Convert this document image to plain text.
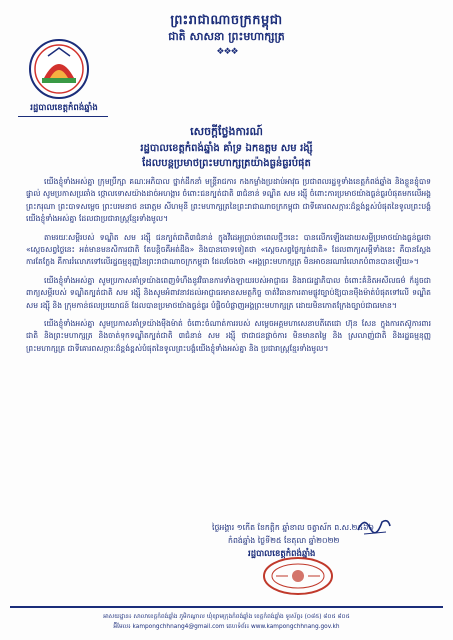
ព្រះរាជាណាចក្រកម្ពុជា
ជាតិ សាសនា ព្រះមហាក្សត្រ
❖❖❖
រដ្ឋបាលខេត្តកំពង់ឆ្នាំង
សេចក្តីថ្លែងការណ៍
រដ្ឋបាលខេត្តកំពង់ឆ្នាំង គាំទ្រ ឯកឧត្តម សម រង្ស៊ី
ដែលបន្តប្រមាថព្រះមហាក្សត្រយ៉ាងធ្ងន់ធ្ងរបំផុត

យើងខ្ញុំទាំងអស់គ្នា ក្រុមប្រឹក្សា គណៈអភិបាល ថ្នាក់ដឹកនាំ មន្ត្រីរាជការ កងកម្លាំងប្រដាប់អាវុធ ប្រជាពលរដ្ឋទូទាំងខេត្តកំពង់ឆ្នាំង និងខ្លួនខ្ញុំបាទផ្ទាល់ សូមប្រកាសប្រឆាំង ថ្កោលទោសយ៉ាងដាច់អហង្ការ ចំពោះជនក្បត់ជាតិ ៣ជំនាន់ ទណ្ឌិត សម រង្ស៊ី ចំពោះការប្រមាថយ៉ាងធ្ងន់ធ្ងរបំផុតមកលើអង្គ ព្រះករុណា ព្រះបាទសម្តេច ព្រះបរមនាថ នរោត្តម សីហមុនី ព្រះមហាក្សត្រនៃព្រះរាជាណាចក្រកម្ពុជា ជាទីគោរពសក្ការៈដ៏ខ្ពង់ខ្ពស់បំផុតនៃទូលព្រះបង្គំយើងខ្ញុំទាំងអស់គ្នា ដែលជាប្រជារាស្ត្រខ្មែរទាំងមូល។

តាមរយៈសម្តីរបស់ ទណ្ឌិត សម រង្ស៊ី ជនក្បត់ជាតិ៣ជំនាន់ ក្នុងវីដេអូប្រាប់នាពេលថ្មីៗនេះ បានលើកឡើងដោយសម្តីប្រមាថយ៉ាងធ្ងន់ធ្ងរថា «ស្តេចសព្វថ្ងៃនេះ អត់មានមនសិការជាតិ តែបន្តិចគឺអត់ដឹង» និងបានចោទទៀតថា «ស្តេចសព្វថ្ងៃក្បត់ជាតិ» ដែលពាក្យសម្តីទាំងនេះ គឺបានស្តែងការតែក្លែង គឺការរំលោភទៅលើរដ្ឋធម្មនុញ្ញនៃព្រះរាជាណាចក្រកម្ពុជា ដែលចែងថា «អង្គព្រះមហាក្សត្រ មិនអាចនរណារំលោភបំពានបានឡើយ»។

យើងខ្ញុំទាំងអស់គ្នា សូមប្រកាសគាំទ្រយ៉ាងពេញទំហឹងនូវវិធានការទាំងឡាយរបស់អាជ្ញាធរ និងរាជរដ្ឋាភិបាល ចំពោះគំនិតអសីលធម៌ ក៏ដូចជាពាក្យសម្តីរបស់ ទណ្ឌិតក្បត់ជាតិ សម រង្ស៊ី និងសូមអំពាវនាវដល់អាជ្ញាធរមានសមត្ថកិច្ច ចាត់វិធានការតាមផ្លូវច្បាប់ឱ្យបានម៉ឺងម៉ាត់បំផុតទៅលើ ទណ្ឌិត សម រង្ស៊ី និង ក្រុមកាន់ផលប្រយោជន៍ ដែលបានប្រមាថយ៉ាងធ្ងន់ធ្ងរ បំផ្លិចបំផ្លាញអង្គព្រះមហាក្សត្រ ដោយមិនកោតក្រែងច្បាប់ជាធរមាន។

យើងខ្ញុំទាំងអស់គ្នា សូមប្រកាសគាំទ្រយ៉ាងម៉ឺងម៉ាត់ ចំពោះចំណាត់ការរបស់ សម្តេចអគ្គមហាសេនាបតីតេជោ ហ៊ុន សែន ក្នុងការតស៊ូការពារជាតិ និងព្រះមហាក្សត្រ និងចាត់ទុកទណ្ឌិតក្បត់ជាតិ ៣ជំនាន់ សម រង្ស៊ី ថាជាជនផ្តាច់ការ មិនមានតម្លៃ និង ស្រលាញ់ជាតិ និងរដ្ឋធម្មនុញ្ញ ព្រះមហាក្សត្រ ជាទីគោរពសក្ការៈដ៏ខ្ពង់ខ្ពស់បំផុតនៃទូលព្រះបង្គំយើងខ្ញុំទាំងអស់គ្នា និង ប្រជារាស្ត្រខ្មែរទាំងមូល។

ថ្ងៃអង្គារ ១កើត ខែកត្តិក ឆ្នាំខាល ចត្វាស័ក ព.ស.២៥៦៦
កំពង់ឆ្នាំង ថ្ងៃទី២៥ ខែតុលា ឆ្នាំ២០២២
រដ្ឋបាលខេត្តកំពង់ឆ្នាំង
អាសយដ្ឋាន៖ សាលាខេត្តកំពង់ឆ្នាំង ភូមិកណ្តាល ឃុំខ្សាមក្រុងកំពង់ឆ្នាំង ខេត្តកំពង់ឆ្នាំង ទូរស័ព្ទ៖ (០៨៥) ៨០៥ ៨០៥
អ៊ីមែល៖ kampongchhnang4@gmail.com គេហទំព័រ៖ www.kampongchhnang.gov.kh
